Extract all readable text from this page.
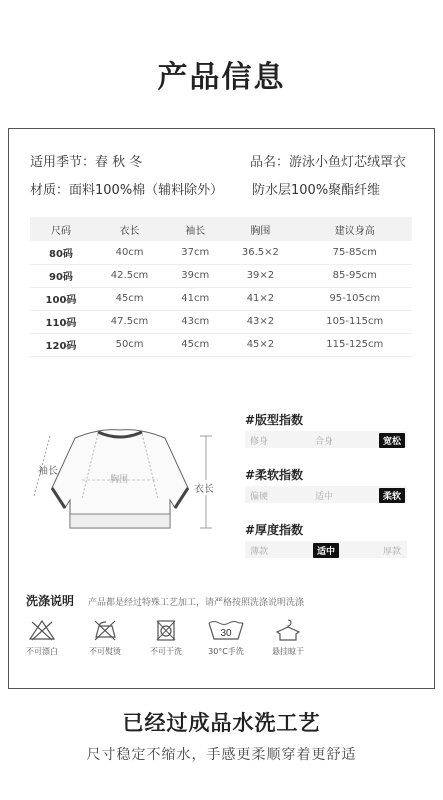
产品信息
适用季节：春 秋 冬	品名：游泳小鱼灯芯绒罩衣
材质：面料100%棉（辅料除外） 防水层100%聚酯纤维
尺码	衣长	袖长	胸围	建议身高
80码	40cm	37cm	36.5×2	75-85cm
90码	42.5cm	39cm	39×2	85-95cm
100码	45cm	41cm	41×2	95-105cm
110码	47.5cm	43cm	43×2	105-115cm
120码	50cm	45cm	45×2	115-125cm
袖长
胸围
衣长
#版型指数
修身	合身	宽松
#柔软指数
偏硬	适中	柔软
#厚度指数
薄款	适中	厚款
洗涤说明 产品都是经过特殊工艺加工，请严格按照洗涤说明洗涤
不可漂白	不可熨烫	不可干洗
30
30°C手洗	悬挂晾干
已经过成品水洗工艺
尺寸稳定不缩水，手感更柔顺穿着更舒适
